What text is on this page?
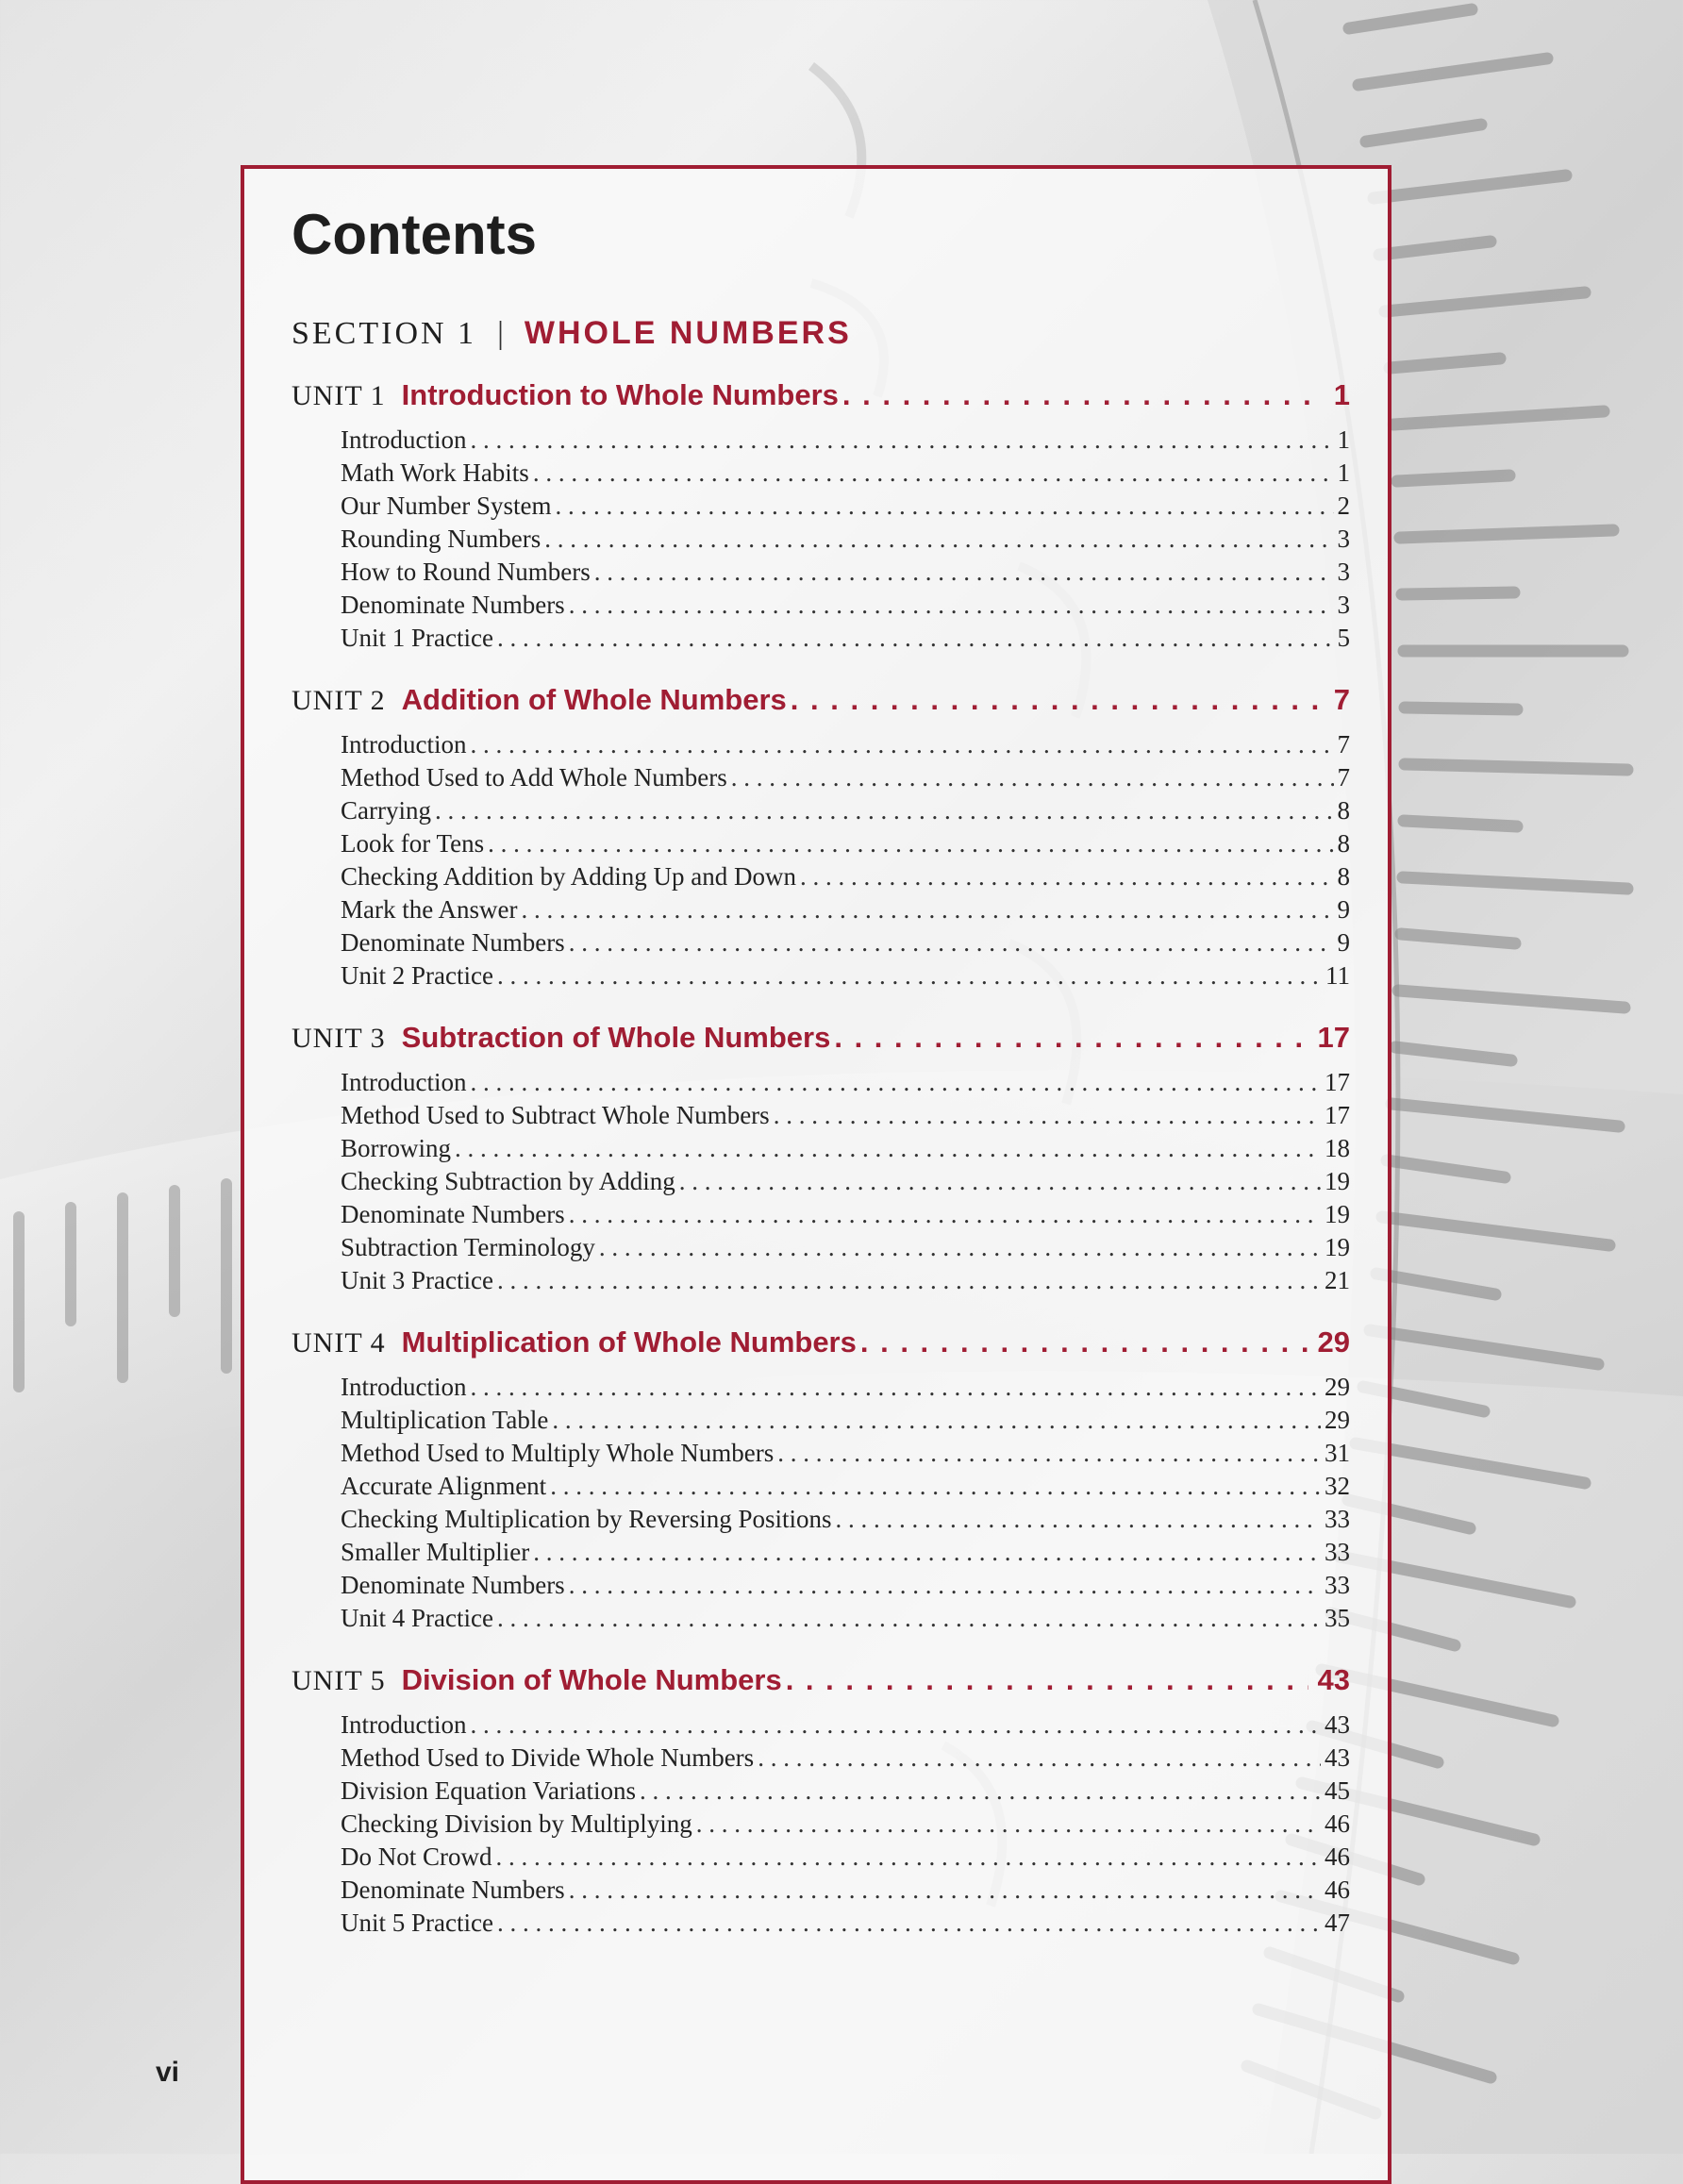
Contents
SECTION 1 | WHOLE NUMBERS
UNIT 1 Introduction to Whole Numbers . . .	1
Introduction . . .	1
Math Work Habits . . .	1
Our Number System . . .	2
Rounding Numbers . . .	3
How to Round Numbers . . .	3
Denominate Numbers . . .	3
Unit 1 Practice . . .	5
UNIT 2 Addition of Whole Numbers . . .	7
Introduction . . .	7
Method Used to Add Whole Numbers . . .	7
Carrying . . .	8
Look for Tens . . .	8
Checking Addition by Adding Up and Down . . .	8
Mark the Answer . . .	9
Denominate Numbers . . .	9
Unit 2 Practice . . .	11
UNIT 3 Subtraction of Whole Numbers . . .	17
Introduction . . .	17
Method Used to Subtract Whole Numbers . . .	17
Borrowing . . .	18
Checking Subtraction by Adding . . .	19
Denominate Numbers . . .	19
Subtraction Terminology . . .	19
Unit 3 Practice . . .	21
UNIT 4 Multiplication of Whole Numbers . . .	29
Introduction . . .	29
Multiplication Table . . .	29
Method Used to Multiply Whole Numbers . . .	31
Accurate Alignment . . .	32
Checking Multiplication by Reversing Positions . . .	33
Smaller Multiplier . . .	33
Denominate Numbers . . .	33
Unit 4 Practice . . .	35
UNIT 5 Division of Whole Numbers . . .	43
Introduction . . .	43
Method Used to Divide Whole Numbers . . .	43
Division Equation Variations . . .	45
Checking Division by Multiplying . . .	46
Do Not Crowd . . .	46
Denominate Numbers . . .	46
Unit 5 Practice . . .	47
vi
